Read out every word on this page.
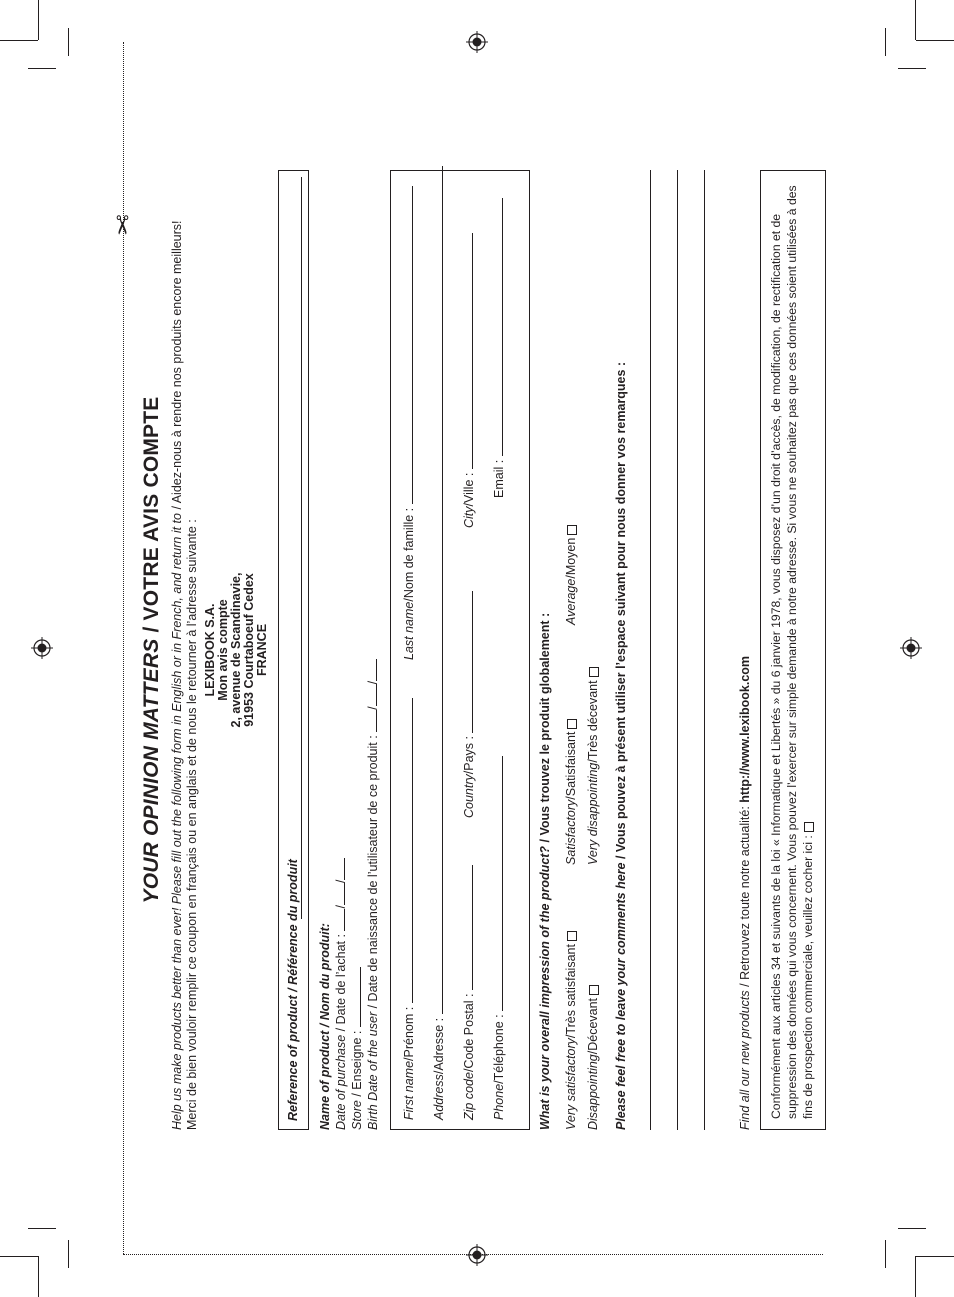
✂
YOUR OPINION MATTERS / VOTRE AVIS COMPTE
Help us make products better than ever! Please fill out the following form in English or in French, and return it to / Aidez-nous à rendre nos produits encore meilleurs! Merci de bien vouloir remplir ce coupon en français ou en anglais et de nous le retourner à l’adresse suivante : LEXIBOOK S.A. Mon avis compte 2, avenue de Scandinavie, 91953 Courtaboeuf Cedex FRANCE
Reference of product / Référence du produit	Name of product / Nom du produit: Date of purchase / Date de l’achat : //
Store / Enseigne : Birth Date of the user / Date de naissance de l’utilisateur de ce produit : //
First name/Prénom :
Last name/Nom de famille :
Address/Adresse :
Zip code/Code Postal :
Country/Pays :
City/Ville :
Phone/Téléphone :
Email :
What is your overall impression of the product? / Vous trouvez le produit globalement :
Very satisfactory/Très satisfaisant
Satisfactory/Satisfaisant
Average/Moyen
Disappointing/Décevant
Very disappointing/Très décevant
Please feel free to leave your comments here / Vous pouvez à présent utiliser l’espace suivant pour nous donner vos remarques :
Find all our new products / Retrouvez toute notre actualité: http://www.lexibook.com	Conformément aux articles 34 et suivants de la loi « Informatique et Libertés » du 6 janvier 1978, vous disposez d’un droit d’accès, de modification, de rectification et de suppression des données qui vous concernent. Vous pouvez l’exercer sur simple demande à notre adresse. Si vous ne souhaitez pas que ces données soient utilisées à des fins de prospection commerciale, veuillez cocher ici :
